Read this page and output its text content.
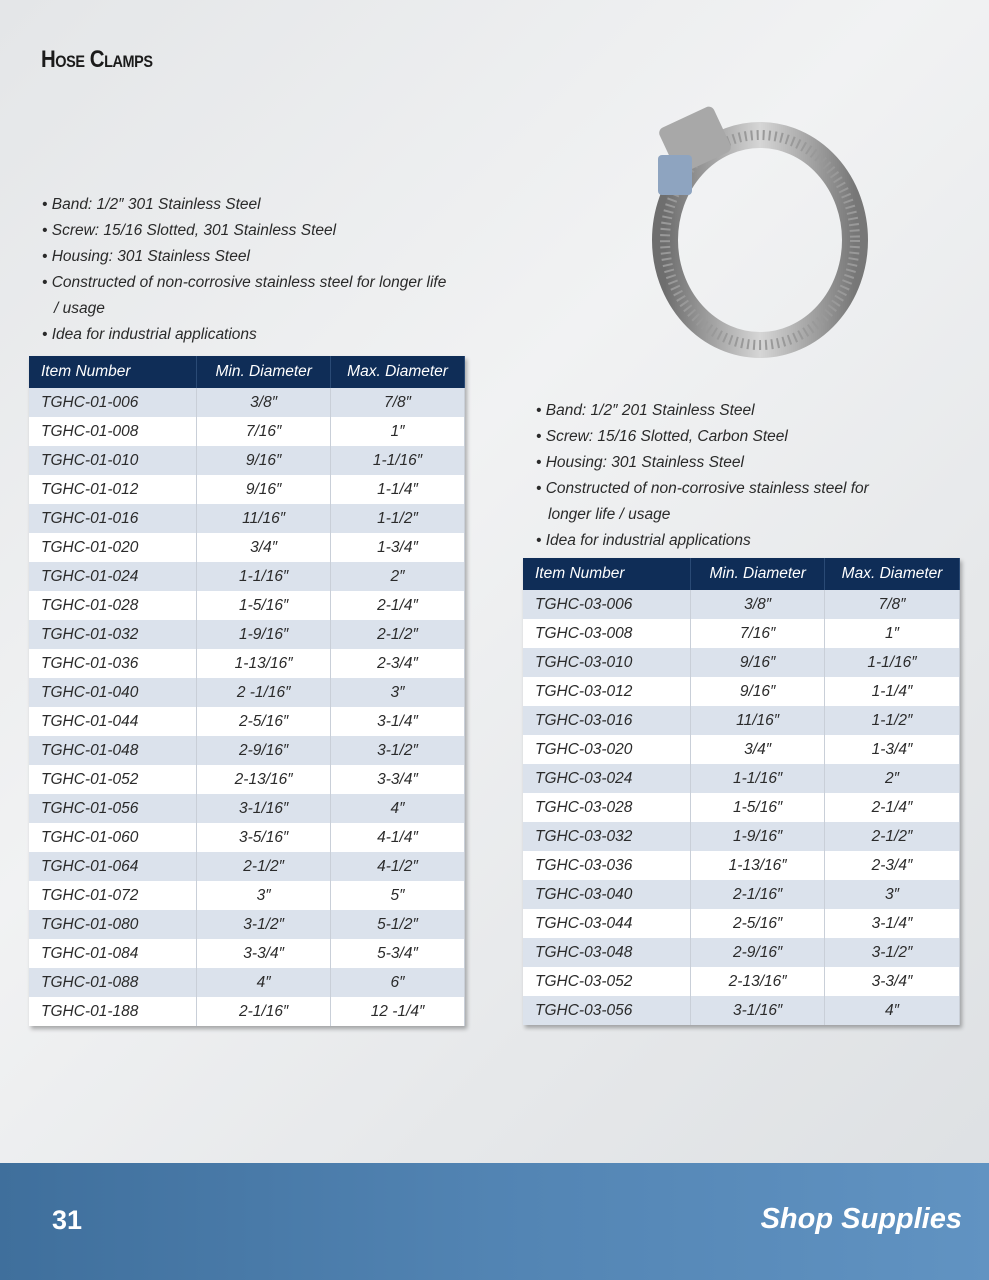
Hose Clamps
• Band: 1/2″ 301 Stainless Steel
• Screw: 15/16 Slotted, 301 Stainless Steel
• Housing: 301 Stainless Steel
• Constructed of non-corrosive stainless steel for longer life / usage
• Idea for industrial applications
• Band: 1/2″ 201 Stainless Steel
• Screw: 15/16 Slotted, Carbon Steel
• Housing: 301 Stainless Steel
• Constructed of non-corrosive stainless steel for longer life / usage
• Idea for industrial applications
Item Number	Min. Diameter	Max. Diameter
TGHC-01-006	3/8″	7/8″
TGHC-01-008	7/16″	1″
TGHC-01-010	9/16″	1-1/16″
TGHC-01-012	9/16″	1-1/4″
TGHC-01-016	11/16″	1-1/2″
TGHC-01-020	3/4″	1-3/4″
TGHC-01-024	1-1/16″	2″
TGHC-01-028	1-5/16″	2-1/4″
TGHC-01-032	1-9/16″	2-1/2″
TGHC-01-036	1-13/16″	2-3/4″
TGHC-01-040	2 -1/16″	3″
TGHC-01-044	2-5/16″	3-1/4″
TGHC-01-048	2-9/16″	3-1/2″
TGHC-01-052	2-13/16″	3-3/4″
TGHC-01-056	3-1/16″	4″
TGHC-01-060	3-5/16″	4-1/4″
TGHC-01-064	2-1/2″	4-1/2″
TGHC-01-072	3″	5″
TGHC-01-080	3-1/2″	5-1/2″
TGHC-01-084	3-3/4″	5-3/4″
TGHC-01-088	4″	6″
TGHC-01-188	2-1/16″	12 -1/4″
Item Number	Min. Diameter	Max. Diameter
TGHC-03-006	3/8″	7/8″
TGHC-03-008	7/16″	1″
TGHC-03-010	9/16″	1-1/16″
TGHC-03-012	9/16″	1-1/4″
TGHC-03-016	11/16″	1-1/2″
TGHC-03-020	3/4″	1-3/4″
TGHC-03-024	1-1/16″	2″
TGHC-03-028	1-5/16″	2-1/4″
TGHC-03-032	1-9/16″	2-1/2″
TGHC-03-036	1-13/16″	2-3/4″
TGHC-03-040	2-1/16″	3″
TGHC-03-044	2-5/16″	3-1/4″
TGHC-03-048	2-9/16″	3-1/2″
TGHC-03-052	2-13/16″	3-3/4″
TGHC-03-056	3-1/16″	4″
31	Shop Supplies
